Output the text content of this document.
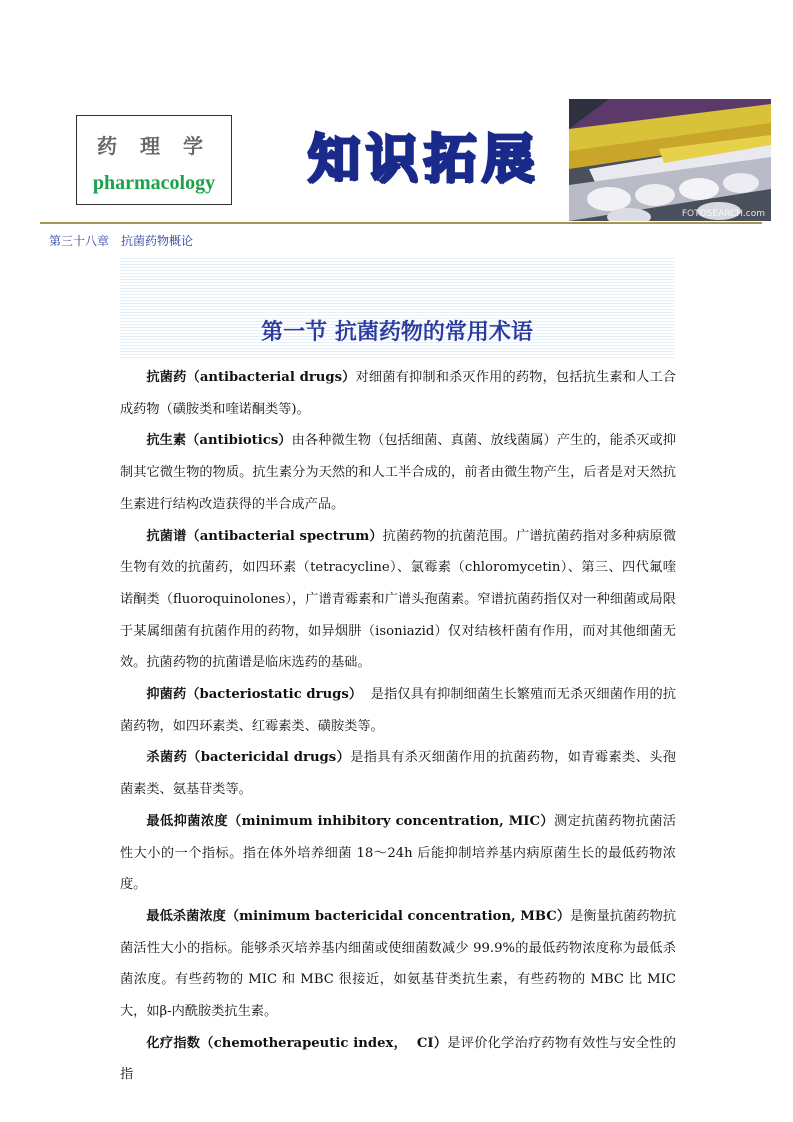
药 理 学
pharmacology	知识拓展
FOTOSEARCH.com
第三十八章　抗菌药物概论
第一节 抗菌药物的常用术语

抗菌药（antibacterial drugs）对细菌有抑制和杀灭作用的药物，包括抗生素和人工合成药物（磺胺类和喹诺酮类等)。

抗生素（antibiotics）由各种微生物（包括细菌、真菌、放线菌属）产生的，能杀灭或抑制其它微生物的物质。抗生素分为天然的和人工半合成的，前者由微生物产生，后者是对天然抗生素进行结构改造获得的半合成产品。

抗菌谱（antibacterial spectrum）抗菌药物的抗菌范围。广谱抗菌药指对多种病原微生物有效的抗菌药，如四环素（tetracycline）、氯霉素（chloromycetin）、第三、四代氟喹诺酮类（fluoroquinolones），广谱青霉素和广谱头孢菌素。窄谱抗菌药指仅对一种细菌或局限于某属细菌有抗菌作用的药物，如异烟肼（isoniazid）仅对结核杆菌有作用，而对其他细菌无效。抗菌药物的抗菌谱是临床选药的基础。

抑菌药（bacteriostatic drugs）  是指仅具有抑制细菌生长繁殖而无杀灭细菌作用的抗菌药物，如四环素类、红霉素类、磺胺类等。

杀菌药（bactericidal drugs）是指具有杀灭细菌作用的抗菌药物，如青霉素类、头孢菌素类、氨基苷类等。

最低抑菌浓度（minimum inhibitory concentration, MIC）测定抗菌药物抗菌活性大小的一个指标。指在体外培养细菌 18～24h 后能抑制培养基内病原菌生长的最低药物浓度。

最低杀菌浓度（minimum bactericidal concentration, MBC）是衡量抗菌药物抗菌活性大小的指标。能够杀灭培养基内细菌或使细菌数减少 99.9%的最低药物浓度称为最低杀菌浓度。有些药物的 MIC 和 MBC 很接近，如氨基苷类抗生素，有些药物的 MBC 比 MIC 大，如β-内酰胺类抗生素。

化疗指数（chemotherapeutic index，  CI）是评价化学治疗药物有效性与安全性的指
